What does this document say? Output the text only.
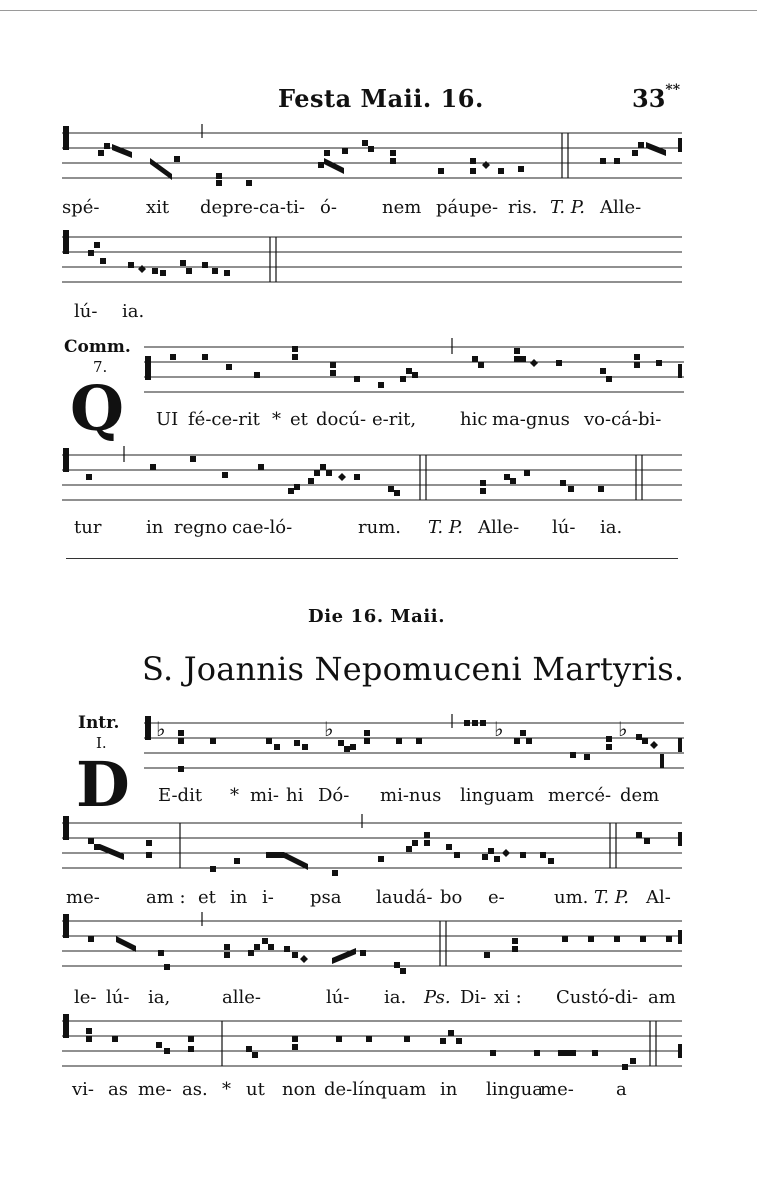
Festa Maii. 16.	33**
spé-	xit depre-ca-ti- ó-	nem páupe- ris. T. P. Alle-
lú- ia.
Comm.
7.
Q UI fé-ce-rit * et docú- e-rit, hic ma-gnus vo-cá-bi-
tur in regno cae-ló-	rum. T. P. Alle- lú- ia.
Die 16. Maii.
S. Joannis Nepomuceni Martyris.
Intr.
I.
D
♭	♭	♭	♭
E-dit * mi- hi Dó- mi-nus linguam mercé- dem
me-	am : et in i- psa laudá- bo e-	um. T. P. Al-
le- lú- ia,	alle-	lú- ia. Ps. Di- xi : Custó-di- am
vi- as me- as. * ut non de-línquam in lingua
me- a
